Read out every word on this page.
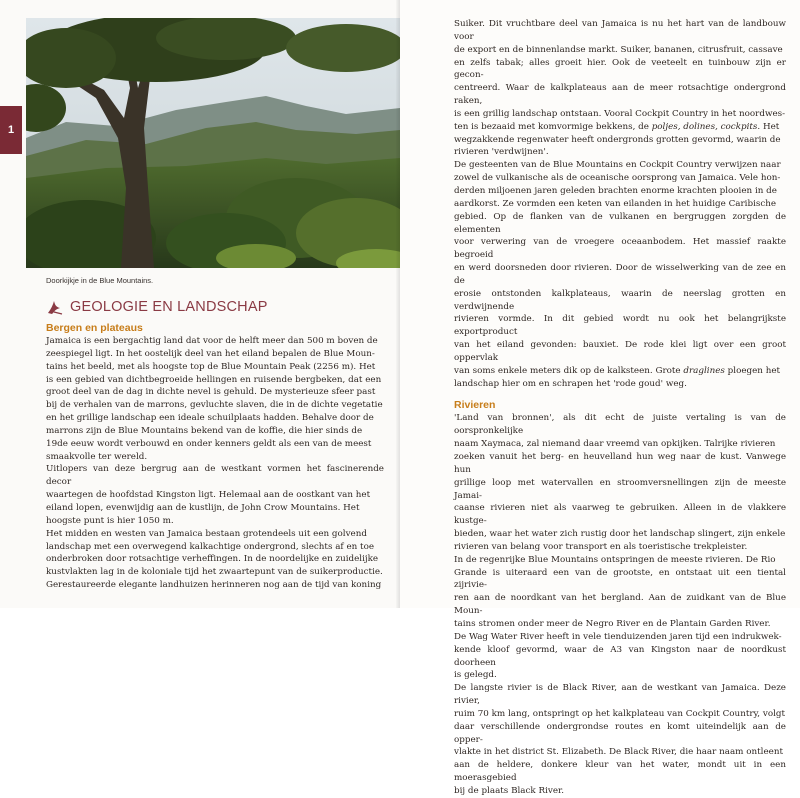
1
Doorkijkje in de Blue Mountains.
GEOLOGIE EN LANDSCHAP

Bergen en plateaus

Jamaica is een bergachtig land dat voor de helft meer dan 500 m boven de

zeespiegel ligt. In het oostelijk deel van het eiland bepalen de Blue Moun-

tains het beeld, met als hoogste top de Blue Mountain Peak (2256 m). Het

is een gebied van dichtbegroeide hellingen en ruisende bergbeken, dat een

groot deel van de dag in dichte nevel is gehuld. De mysterieuze sfeer past

bij de verhalen van de marrons, gevluchte slaven, die in de dichte vegetatie

en het grillige landschap een ideale schuilplaats hadden. Behalve door de

marrons zijn de Blue Mountains bekend van de koffie, die hier sinds de

19de eeuw wordt verbouwd en onder kenners geldt als een van de meest

smaakvolle ter wereld.

Uitlopers van deze bergrug aan de westkant vormen het fascinerende decor

waartegen de hoofdstad Kingston ligt. Helemaal aan de oostkant van het

eiland lopen, evenwijdig aan de kustlijn, de John Crow Mountains. Het

hoogste punt is hier 1050 m.

Het midden en westen van Jamaica bestaan grotendeels uit een golvend

landschap met een overwegend kalkachtige ondergrond, slechts af en toe

onderbroken door rotsachtige verheffingen. In de noordelijke en zuidelijke

kustvlakten lag in de koloniale tijd het zwaartepunt van de suikerproductie.

Gerestaureerde elegante landhuizen herinneren nog aan de tijd van koning

Suiker. Dit vruchtbare deel van Jamaica is nu het hart van de landbouw voor

de export en de binnenlandse markt. Suiker, bananen, citrusfruit, cassave

en zelfs tabak; alles groeit hier. Ook de veeteelt en tuinbouw zijn er gecon-

centreerd. Waar de kalkplateaus aan de meer rotsachtige ondergrond raken,

is een grillig landschap ontstaan. Vooral Cockpit Country in het noordwes-

ten is bezaaid met komvormige bekkens, de poljes, dolines, cockpits. Het

wegzakkende regenwater heeft ondergronds grotten gevormd, waarin de

rivieren 'verdwijnen'.

De gesteenten van de Blue Mountains en Cockpit Country verwijzen naar

zowel de vulkanische als de oceanische oorsprong van Jamaica. Vele hon-

derden miljoenen jaren geleden brachten enorme krachten plooien in de

aardkorst. Ze vormden een keten van eilanden in het huidige Caribische

gebied. Op de flanken van de vulkanen en bergruggen zorgden de elementen

voor verwering van de vroegere oceaanbodem. Het massief raakte begroeid

en werd doorsneden door rivieren. Door de wisselwerking van de zee en de

erosie ontstonden kalkplateaus, waarin de neerslag grotten en verdwijnende

rivieren vormde. In dit gebied wordt nu ook het belangrijkste exportproduct

van het eiland gevonden: bauxiet. De rode klei ligt over een groot oppervlak

van soms enkele meters dik op de kalksteen. Grote draglines ploegen het

landschap hier om en schrapen het 'rode goud' weg.

Rivieren

'Land van bronnen', als dit echt de juiste vertaling is van de oorspronkelijke

naam Xaymaca, zal niemand daar vreemd van opkijken. Talrijke rivieren

zoeken vanuit het berg- en heuvelland hun weg naar de kust. Vanwege hun

grillige loop met watervallen en stroomversnellingen zijn de meeste Jamai-

caanse rivieren niet als vaarweg te gebruiken. Alleen in de vlakkere kustge-

bieden, waar het water zich rustig door het landschap slingert, zijn enkele

rivieren van belang voor transport en als toeristische trekpleister.

In de regenrijke Blue Mountains ontspringen de meeste rivieren. De Rio

Grande is uiteraard een van de grootste, en ontstaat uit een tiental zijrivie-

ren aan de noordkant van het bergland. Aan de zuidkant van de Blue Moun-

tains stromen onder meer de Negro River en de Plantain Garden River.

De Wag Water River heeft in vele tienduizenden jaren tijd een indrukwek-

kende kloof gevormd, waar de A3 van Kingston naar de noordkust doorheen

is gelegd.

De langste rivier is de Black River, aan de westkant van Jamaica. Deze rivier,

ruim 70 km lang, ontspringt op het kalkplateau van Cockpit Country, volgt

daar verschillende ondergrondse routes en komt uiteindelijk aan de opper-

vlakte in het district St. Elizabeth. De Black River, die haar naam ontleent

aan de heldere, donkere kleur van het water, mondt uit in een moerasgebied

bij de plaats Black River.
